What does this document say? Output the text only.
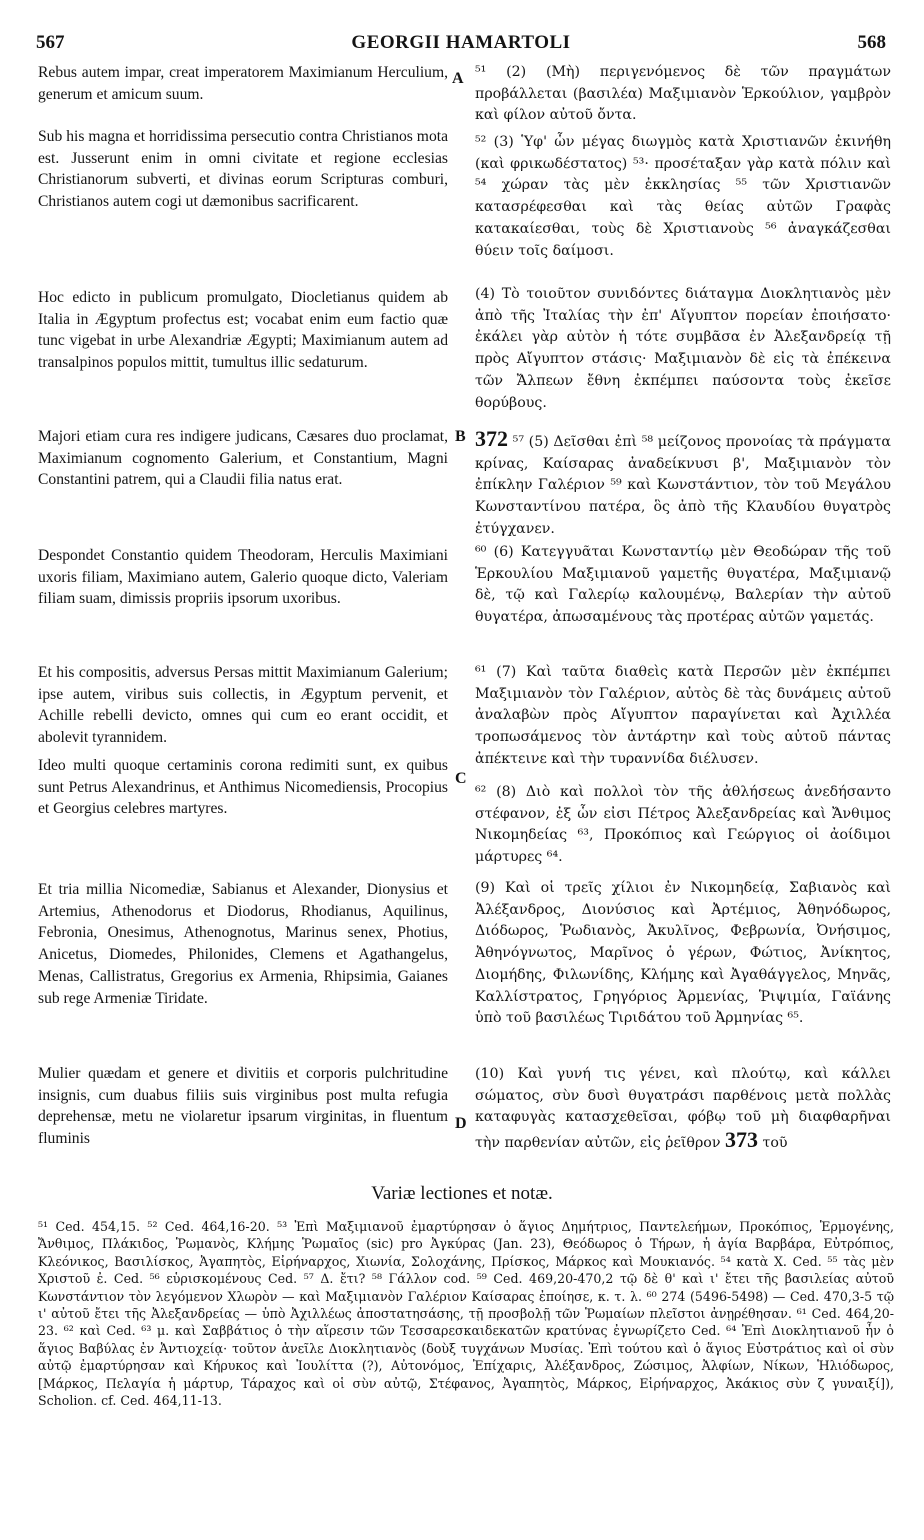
567	GEORGII HAMARTOLI	568
Rebus autem impar, creat imperatorem Maximianum Herculium, generum et amicum suum.
Sub his magna et horridissima persecutio contra Christianos mota est. Jusserunt enim in omni civitate et regione ecclesias Christianorum subverti, et divinas eorum Scripturas comburi, Christianos autem cogi ut dæmonibus sacrificarent.
Hoc edicto in publicum promulgato, Diocletianus quidem ab Italia in Ægyptum profectus est; vocabat enim eum factio quæ tunc vigebat in urbe Alexandriæ Ægypti; Maximianum autem ad transalpinos populos mittit, tumultus illic sedaturum.
Majori etiam cura res indigere judicans, Cæsares duo proclamat, Maximianum cognomento Galerium, et Constantium, Magni Constantini patrem, qui a Claudii filia natus erat.
Despondet Constantio quidem Theodoram, Herculis Maximiani uxoris filiam, Maximiano autem, Galerio quoque dicto, Valeriam filiam suam, dimissis propriis ipsorum uxoribus.
Et his compositis, adversus Persas mittit Maximianum Galerium; ipse autem, viribus suis collectis, in Ægyptum pervenit, et Achille rebelli devicto, omnes qui cum eo erant occidit, et abolevit tyrannidem.
Ideo multi quoque certaminis corona redimiti sunt, ex quibus sunt Petrus Alexandrinus, et Anthimus Nicomediensis, Procopius et Georgius celebres martyres.
Et tria millia Nicomediæ, Sabianus et Alexander, Dionysius et Artemius, Athenodorus et Diodorus, Rhodianus, Aquilinus, Febronia, Onesimus, Athenognotus, Marinus senex, Photius, Anicetus, Diomedes, Philonides, Clemens et Agathangelus, Menas, Callistratus, Gregorius ex Armenia, Rhipsimia, Gaianes sub rege Armeniæ Tiridate.
Mulier quædam et genere et divitiis et corporis pulchritudine insignis, cum duabus filiis suis virginibus post multa refugia deprehensæ, metu ne violaretur ipsarum virginitas, in fluentum fluminis
A
B
C
D
⁵¹ (2) (Μὴ) περιγενόμενος δὲ τῶν πραγμάτων προβάλλεται (βασιλέα) Μαξιμιανὸν Ἑρκούλιον, γαμβρὸν καὶ φίλον αὐτοῦ ὄντα.
⁵² (3) Ὑφ' ὧν μέγας διωγμὸς κατὰ Χριστιανῶν ἐκινήθη (καὶ φρικωδέστατος) ⁵³· προσέταξαν γὰρ κατὰ πόλιν καὶ ⁵⁴ χώραν τὰς μὲν ἐκκλησίας ⁵⁵ τῶν Χριστιανῶν κατασρέφεσθαι καὶ τὰς θείας αὐτῶν Γραφὰς κατακαίεσθαι, τοὺς δὲ Χριστιανοὺς ⁵⁶ ἀναγκάζεσθαι θύειν τοῖς δαίμοσι.
(4) Τὸ τοιοῦτον συνιδόντες διάταγμα Διοκλητιανὸς μὲν ἀπὸ τῆς Ἰταλίας τὴν ἐπ' Αἴγυπτον πορείαν ἐποιήσατο· ἐκάλει γὰρ αὐτὸν ἡ τότε συμβᾶσα ἐν Ἀλεξανδρείᾳ τῇ πρὸς Αἴγυπτον στάσις· Μαξιμιανὸν δὲ εἰς τὰ ἐπέκεινα τῶν Ἄλπεων ἔθνη ἐκπέμπει παύσοντα τοὺς ἐκεῖσε θορύβους.
372 ⁵⁷ (5) Δεῖσθαι ἐπὶ ⁵⁸ μείζονος προνοίας τὰ πράγματα κρίνας, Καίσαρας ἀναδείκνυσι β', Μαξιμιανὸν τὸν ἐπίκλην Γαλέριον ⁵⁹ καὶ Κωνστάντιον, τὸν τοῦ Μεγάλου Κωνσταντίνου πατέρα, ὃς ἀπὸ τῆς Κλαυδίου θυγατρὸς ἐτύγχανεν.
⁶⁰ (6) Κατεγγυᾶται Κωνσταντίῳ μὲν Θεοδώραν τῆς τοῦ Ἑρκουλίου Μαξιμιανοῦ γαμετῆς θυγατέρα, Μαξιμιανῷ δὲ, τῷ καὶ Γαλερίῳ καλουμένῳ, Βαλερίαν τὴν αὐτοῦ θυγατέρα, ἀπωσαμένους τὰς προτέρας αὐτῶν γαμετάς.
⁶¹ (7) Καὶ ταῦτα διαθεὶς κατὰ Περσῶν μὲν ἐκπέμπει Μαξιμιανὸν τὸν Γαλέριον, αὐτὸς δὲ τὰς δυνάμεις αὐτοῦ ἀναλαβὼν πρὸς Αἴγυπτον παραγίνεται καὶ Ἀχιλλέα τροπωσάμενος τὸν ἀντάρτην καὶ τοὺς αὐτοῦ πάντας ἀπέκτεινε καὶ τὴν τυραννίδα διέλυσεν.
⁶² (8) Διὸ καὶ πολλοὶ τὸν τῆς ἀθλήσεως ἀνεδήσαντο στέφανον, ἐξ ὧν εἰσι Πέτρος Ἀλεξανδρείας καὶ Ἄνθιμος Νικομηδείας ⁶³, Προκόπιος καὶ Γεώργιος οἱ ἀοίδιμοι μάρτυρες ⁶⁴.
(9) Καὶ οἱ τρεῖς χίλιοι ἐν Νικομηδείᾳ, Σαβιανὸς καὶ Ἀλέξανδρος, Διονύσιος καὶ Ἀρτέμιος, Ἀθηνόδωρος, Διόδωρος, Ῥωδιανὸς, Ἀκυλῖνος, Φεβρωνία, Ὀνήσιμος, Ἀθηνόγνωτος, Μαρῖνος ὁ γέρων, Φώτιος, Ἀνίκητος, Διομήδης, Φιλωνίδης, Κλήμης καὶ Ἀγαθάγγελος, Μηνᾶς, Καλλίστρατος, Γρηγόριος Ἀρμενίας, Ῥιψιμία, Γαϊάνης ὑπὸ τοῦ βασιλέως Τιριδάτου τοῦ Ἀρμηνίας ⁶⁵.
(10) Καὶ γυνή τις γένει, καὶ πλούτῳ, καὶ κάλλει σώματος, σὺν δυσὶ θυγατράσι παρθένοις μετὰ πολλὰς καταφυγὰς κατασχεθεῖσαι, φόβῳ τοῦ μὴ διαφθαρῆναι τὴν παρθενίαν αὐτῶν, εἰς ῥεῖθρον 373 τοῦ
Variæ lectiones et notæ.
⁵¹ Ced. 454,15. ⁵² Ced. 464,16-20. ⁵³ Ἐπὶ Μαξιμιανοῦ ἐμαρτύρησαν ὁ ἅγιος Δημήτριος, Παντελεήμων, Προκόπιος, Ἑρμογένης, Ἄνθιμος, Πλάκιδος, Ῥωμανὸς, Κλήμης Ῥωμαῖος (sic) pro Ἀγκύρας (Jan. 23), Θεόδωρος ὁ Τήρων, ἡ ἁγία Βαρβάρα, Εὐτρόπιος, Κλεόνικος, Βασιλίσκος, Ἀγαπητὸς, Εἰρήναρχος, Χιωνία, Σολοχάνης, Πρίσκος, Μάρκος καὶ Μουκιανός. ⁵⁴ κατὰ Χ. Ced. ⁵⁵ τὰς μὲν Χριστοῦ ἐ. Ced. ⁵⁶ εὑρισκομένους Ced. ⁵⁷ Δ. ἔτι? ⁵⁸ Γάλλον cod. ⁵⁹ Ced. 469,20-470,2 τῷ δὲ θ' καὶ ι' ἔτει τῆς βασιλείας αὐτοῦ Κωνστάντιον τὸν λεγόμενον Χλωρὸν — καὶ Μαξιμιανὸν Γαλέριον Καίσαρας ἐποίησε, κ. τ. λ. ⁶⁰ 274 (5496-5498) — Ced. 470,3-5 τῷ ι' αὐτοῦ ἔτει τῆς Ἀλεξανδρείας — ὑπὸ Ἀχιλλέως ἀποστατησάσης, τῇ προσβολῇ τῶν Ῥωμαίων πλεῖστοι ἀνῃρέθησαν. ⁶¹ Ced. 464,20-23. ⁶² καὶ Ced. ⁶³ μ. καὶ Σαββάτιος ὁ τὴν αἵρεσιν τῶν Τεσσαρεσκαιδεκατῶν κρατύνας ἐγνωρίζετο Ced. ⁶⁴ Ἐπὶ Διοκλητιανοῦ ἦν ὁ ἅγιος Βαβύλας ἐν Ἀντιοχείᾳ· τοῦτον ἀνεῖλε Διοκλητιανὸς (δοὺξ τυγχάνων Μυσίας. Ἐπὶ τούτου καὶ ὁ ἅγιος Εὐστράτιος καὶ οἱ σὺν αὐτῷ ἐμαρτύρησαν καὶ Κήρυκος καὶ Ἰουλίττα (?), Αὐτονόμος, Ἐπίχαρις, Ἀλέξανδρος, Ζώσιμος, Ἀλφίων, Νίκων, Ἡλιόδωρος, [Μάρκος, Πελαγία ἡ μάρτυρ, Τάραχος καὶ οἱ σὺν αὐτῷ, Στέφανος, Ἀγαπητὸς, Μάρκος, Εἰρήναρχος, Ἀκάκιος σὺν ζ γυναιξί]), Scholion. cf. Ced. 464,11-13.
